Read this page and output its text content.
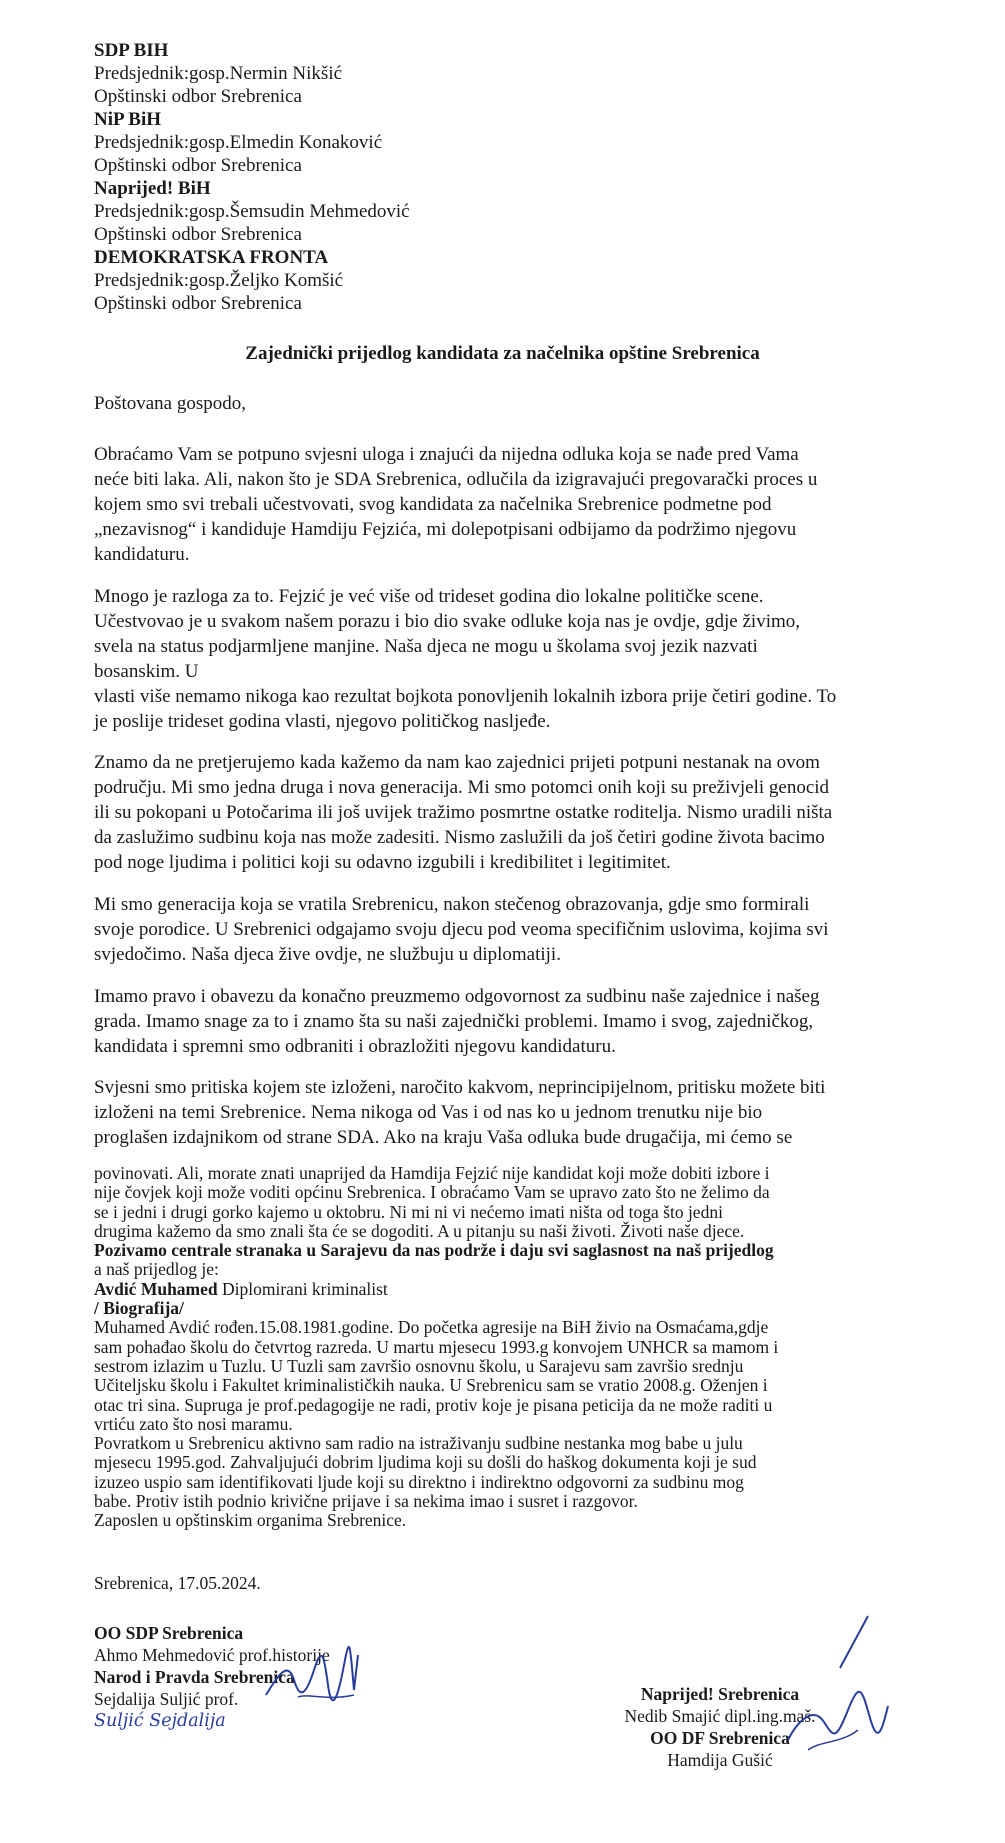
SDP BIH
Predsjednik:gosp.Nermin Nikšić
Opštinski odbor Srebrenica
NiP BiH
Predsjednik:gosp.Elmedin Konaković
Opštinski odbor Srebrenica
Naprijed! BiH
Predsjednik:gosp.Šemsudin Mehmedović
Opštinski odbor Srebrenica
DEMOKRATSKA FRONTA
Predsjednik:gosp.Željko Komšić
Opštinski odbor Srebrenica
Zajednički prijedlog kandidata za načelnika opštine Srebrenica
Poštovana gospodo,
Obraćamo Vam se potpuno svjesni uloga i znajući da nijedna odluka koja se nađe pred Vama
neće biti laka. Ali, nakon što je SDA Srebrenica, odlučila da izigravajući pregovarački proces u
kojem smo svi trebali učestvovati, svog kandidata za načelnika Srebrenice podmetne pod
„nezavisnog“ i kandiduje Hamdiju Fejzića, mi dolepotpisani odbijamo da podržimo njegovu
kandidaturu.
Mnogo je razloga za to. Fejzić je već više od trideset godina dio lokalne političke scene.
Učestvovao je u svakom našem porazu i bio dio svake odluke koja nas je ovdje, gdje živimo,
svela na status podjarmljene manjine. Naša djeca ne mogu u školama svoj jezik nazvati
bosanskim. U
vlasti više nemamo nikoga kao rezultat bojkota ponovljenih lokalnih izbora prije četiri godine. To
je poslije trideset godina vlasti, njegovo političkog nasljeđe.
Znamo da ne pretjerujemo kada kažemo da nam kao zajednici prijeti potpuni nestanak na ovom
području. Mi smo jedna druga i nova generacija. Mi smo potomci onih koji su preživjeli genocid
ili su pokopani u Potočarima ili još uvijek tražimo posmrtne ostatke roditelja. Nismo uradili ništa
da zaslužimo sudbinu koja nas može zadesiti. Nismo zaslužili da još četiri godine života bacimo
pod noge ljudima i politici koji su odavno izgubili i kredibilitet i legitimitet.
Mi smo generacija koja se vratila Srebrenicu, nakon stečenog obrazovanja, gdje smo formirali
svoje porodice. U Srebrenici odgajamo svoju djecu pod veoma specifičnim uslovima, kojima svi
svjedočimo. Naša djeca žive ovdje, ne službuju u diplomatiji.
Imamo pravo i obavezu da konačno preuzmemo odgovornost za sudbinu naše zajednice i našeg
grada. Imamo snage za to i znamo šta su naši zajednički problemi. Imamo i svog, zajedničkog,
kandidata i spremni smo odbraniti i obrazložiti njegovu kandidaturu.
Svjesni smo pritiska kojem ste izloženi, naročito kakvom, neprincipijelnom, pritisku možete biti
izloženi na temi Srebrenice. Nema nikoga od Vas i od nas ko u jednom trenutku nije bio
proglašen izdajnikom od strane SDA. Ako na kraju Vaša odluka bude drugačija, mi ćemo se
povinovati. Ali, morate znati unaprijed da Hamdija Fejzić nije kandidat koji može dobiti izbore i
nije čovjek koji može voditi općinu Srebrenica. I obraćamo Vam se upravo zato što ne želimo da
se i jedni i drugi gorko kajemo u oktobru. Ni mi ni vi nećemo imati ništa od toga što jedni
drugima kažemo da smo znali šta će se dogoditi. A u pitanju su naši životi. Životi naše djece.
Pozivamo centrale stranaka u Sarajevu da nas podrže i daju svi saglasnost na naš prijedlog
a naš prijedlog je:
Avdić Muhamed Diplomirani kriminalist
/ Biografija/
Muhamed Avdić rođen.15.08.1981.godine. Do početka agresije na BiH živio na Osmaćama,gdje
sam pohađao školu do četvrtog razreda. U martu mjesecu 1993.g konvojem UNHCR sa mamom i
sestrom izlazim u Tuzlu. U Tuzli sam završio osnovnu školu, u Sarajevu sam završio srednju
Učiteljsku školu i Fakultet kriminalističkih nauka. U Srebrenicu sam se vratio 2008.g. Oženjen i
otac tri sina. Supruga je prof.pedagogije ne radi, protiv koje je pisana peticija da ne može raditi u
vrtiću zato što nosi maramu.
Povratkom u Srebrenicu aktivno sam radio na istraživanju sudbine nestanka mog babe u julu
mjesecu 1995.god. Zahvaljujući dobrim ljudima koji su došli do haškog dokumenta koji je sud
izuzeo uspio sam identifikovati ljude koji su direktno i indirektno odgovorni za sudbinu mog
babe. Protiv istih podnio krivične prijave i sa nekima imao i susret i razgovor.
Zaposlen u opštinskim organima Srebrenice.
Srebrenica, 17.05.2024.
OO SDP Srebrenica
Ahmo Mehmedović prof.historije
Narod i Pravda Srebrenica
Sejdalija Suljić prof.
Suljić Sejdalija
Naprijed! Srebrenica
Nedib Smajić dipl.ing.maš.
OO DF Srebrenica
Hamdija Gušić
